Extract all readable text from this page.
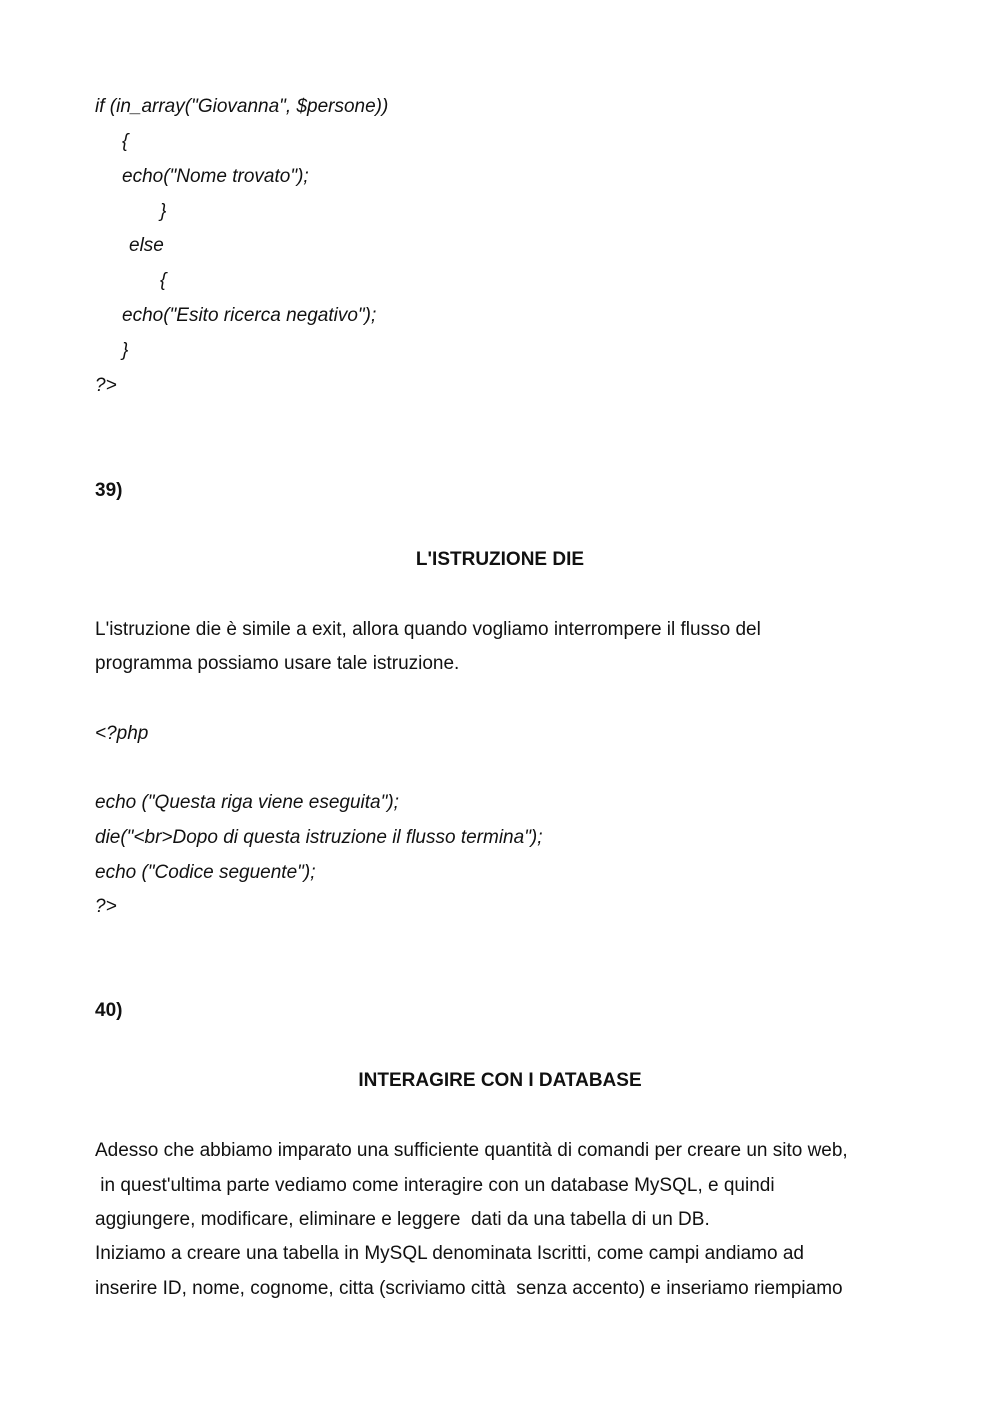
if (in_array("Giovanna", $persone))
{
echo("Nome trovato");
}
else
{
echo("Esito ricerca negativo");
}
?>
39)
L'ISTRUZIONE DIE
L'istruzione die è simile a exit, allora quando vogliamo interrompere il flusso del
programma possiamo usare tale istruzione.
<?php
echo ("Questa riga viene eseguita");
die("<br>Dopo di questa istruzione il flusso termina");
echo ("Codice seguente");
?>
40)
INTERAGIRE CON I DATABASE
Adesso che abbiamo imparato una sufficiente quantità di comandi per creare un sito web,
in quest'ultima parte vediamo come interagire con un database MySQL, e quindi
aggiungere, modificare, eliminare e leggere  dati da una tabella di un DB.
Iniziamo a creare una tabella in MySQL denominata Iscritti, come campi andiamo ad
inserire ID, nome, cognome, citta (scriviamo città  senza accento) e inseriamo riempiamo
